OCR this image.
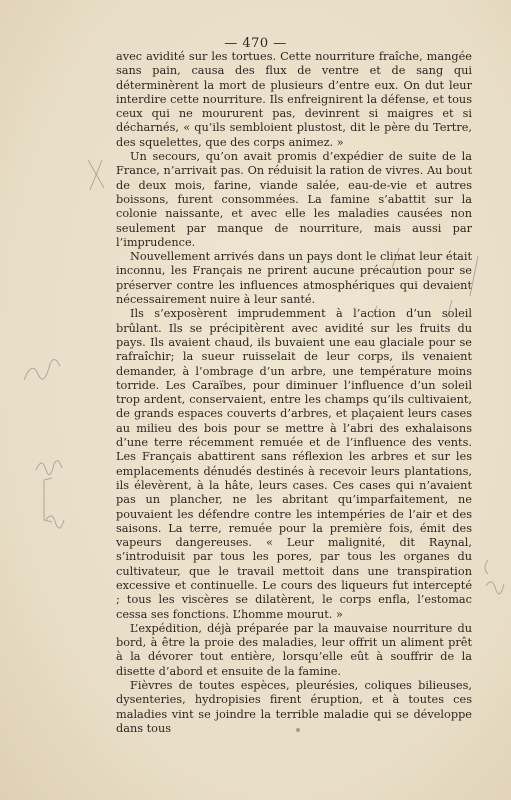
— 470 —

avec avidité sur les tortues. Cette nourriture fraîche, mangée sans pain, causa des flux de ventre et de sang qui déterminèrent la mort de plusieurs d’entre eux. On dut leur interdire cette nourriture. Ils enfreignirent la défense, et tous ceux qui ne moururent pas, devinrent si maigres et si décharnés, « qu’ils sembloient plustost, dit le père du Tertre, des squelettes, que des corps animez. »

Un secours, qu’on avait promis d’expédier de suite de la France, n’arrivait pas. On réduisit la ration de vivres. Au bout de deux mois, farine, viande salée, eau-de-vie et autres boissons, furent consommées. La famine s’abattit sur la colonie naissante, et avec elle les maladies causées non seulement par manque de nourriture, mais aussi par l’imprudence.

Nouvellement arrivés dans un pays dont le climat leur était inconnu, les Français ne prirent aucune précaution pour se préserver contre les influences atmosphériques qui devaient nécessairement nuire à leur santé.

Ils s’exposèrent imprudemment à l’action d’un soleil brûlant. Ils se précipitèrent avec avidité sur les fruits du pays. Ils avaient chaud, ils buvaient une eau glaciale pour se rafraîchir; la sueur ruisselait de leur corps, ils venaient demander, à l’ombrage d’un arbre, une température moins torride. Les Caraïbes, pour diminuer l’influence d’un soleil trop ardent, conservaient, entre les champs qu’ils cultivaient, de grands espaces couverts d’arbres, et plaçaient leurs cases au milieu des bois pour se mettre à l’abri des exhalaisons d’une terre récemment remuée et de l’influence des vents. Les Français abattirent sans réflexion les arbres et sur les emplacements dénudés destinés à recevoir leurs plantations, ils élevèrent, à la hâte, leurs cases. Ces cases qui n’avaient pas un plancher, ne les abritant qu’imparfaitement, ne pouvaient les défendre contre les intempéries de l’air et des saisons. La terre, remuée pour la première fois, émit des vapeurs dangereuses. « Leur malignité, dit Raynal, s’introduisit par tous les pores, par tous les organes du cultivateur, que le travail mettoit dans une transpiration excessive et continuelle. Le cours des liqueurs fut intercepté ; tous les viscères se dilatèrent, le corps enfla, l’estomac cessa ses fonctions. L’homme mourut. »

L’expédition, déjà préparée par la mauvaise nourriture du bord, à être la proie des maladies, leur offrit un aliment prêt à la dévorer tout entière, lorsqu’elle eût à souffrir de la disette d’abord et ensuite de la famine.

Fièvres de toutes espèces, pleurésies, coliques bilieuses, dysenteries, hydropisies firent éruption, et à toutes ces maladies vint se joindre la terrible maladie qui se développe dans tous
